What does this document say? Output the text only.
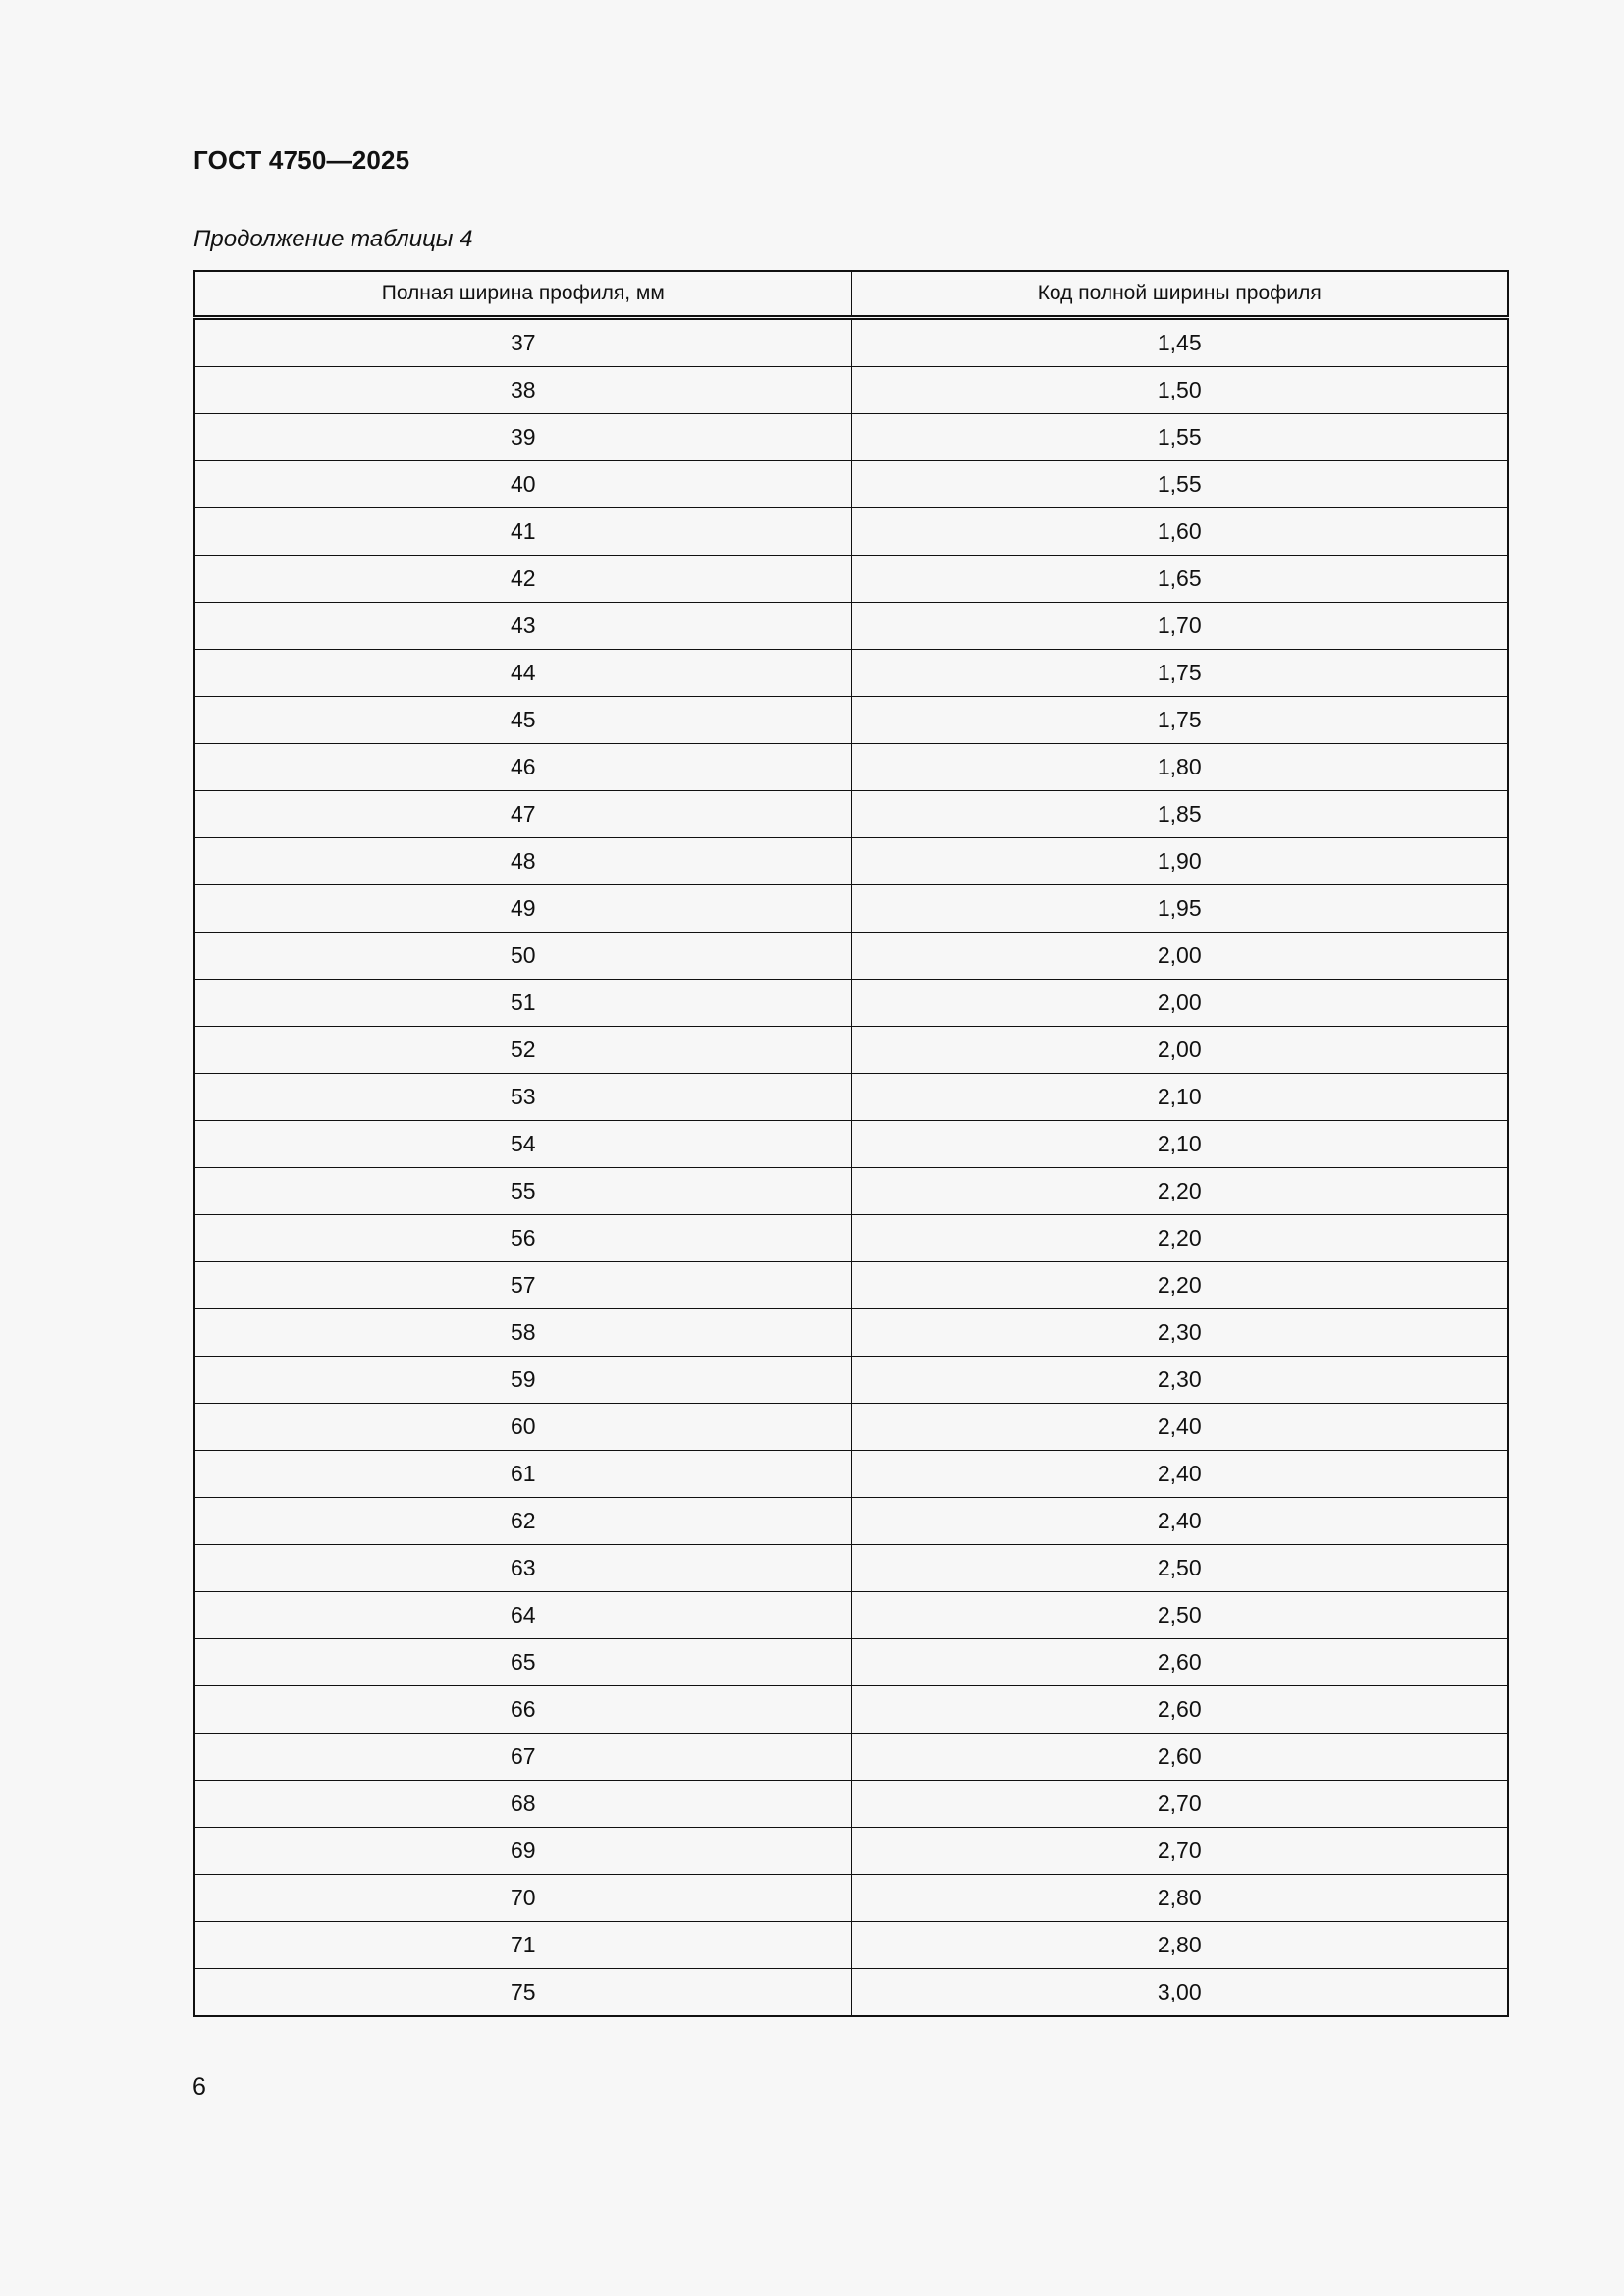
ГОСТ 4750—2025

Продолжение таблицы 4

Полная ширина профиля, мм	Код полной ширины профиля
37	1,45
38	1,50
39	1,55
40	1,55
41	1,60
42	1,65
43	1,70
44	1,75
45	1,75
46	1,80
47	1,85
48	1,90
49	1,95
50	2,00
51	2,00
52	2,00
53	2,10
54	2,10
55	2,20
56	2,20
57	2,20
58	2,30
59	2,30
60	2,40
61	2,40
62	2,40
63	2,50
64	2,50
65	2,60
66	2,60
67	2,60
68	2,70
69	2,70
70	2,80
71	2,80
75	3,00

6
